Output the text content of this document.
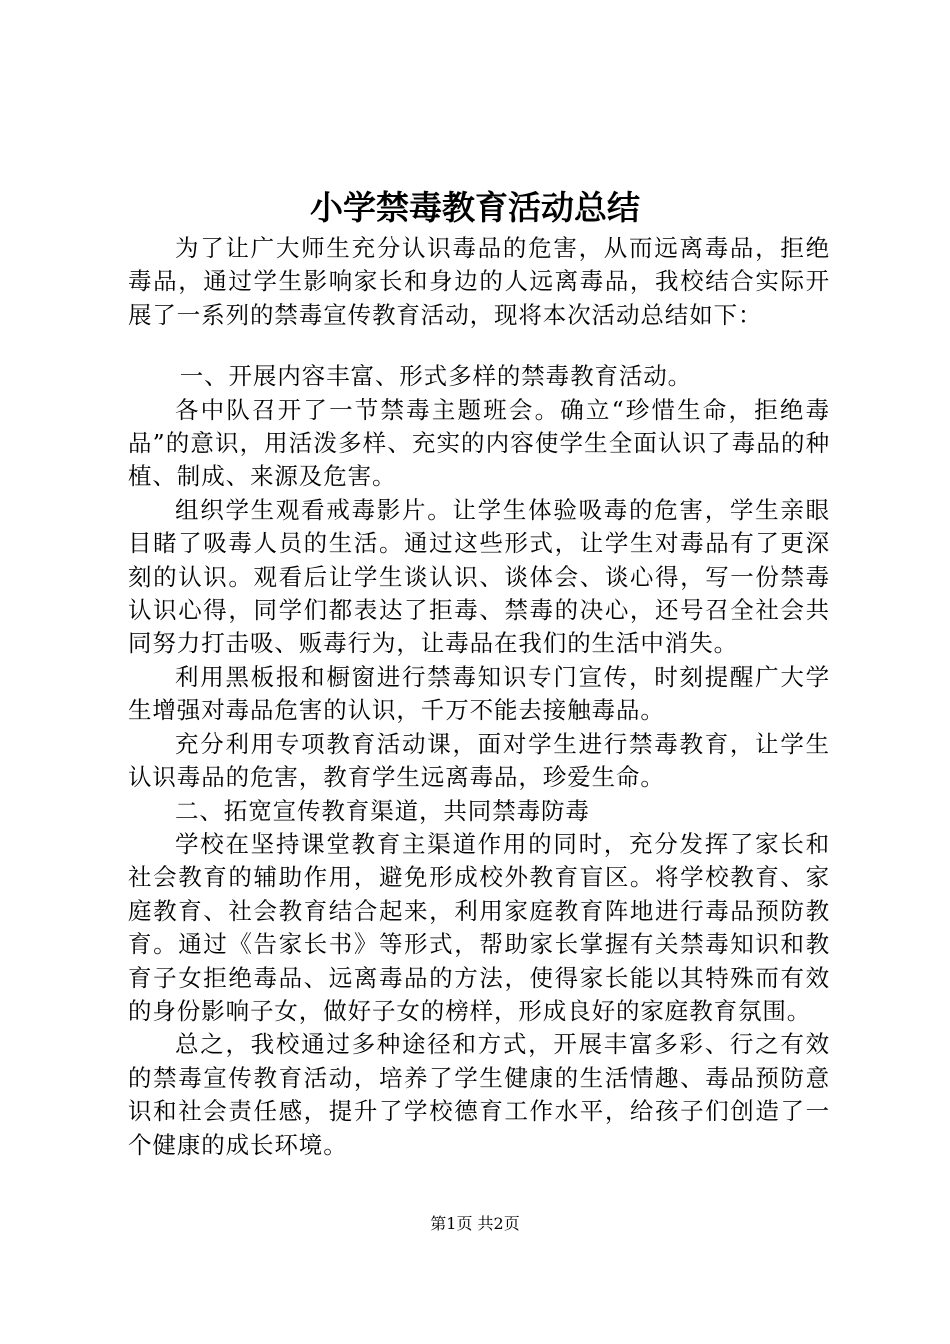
小学禁毒教育活动总结

为了让广大师生充分认识毒品的危害，从而远离毒品，拒绝毒品，通过学生影响家长和身边的人远离毒品，我校结合实际开展了一系列的禁毒宣传教育活动，现将本次活动总结如下：

一、开展内容丰富、形式多样的禁毒教育活动。

各中队召开了一节禁毒主题班会。确立“珍惜生命，拒绝毒品”的意识，用活泼多样、充实的内容使学生全面认识了毒品的种植、制成、来源及危害。

组织学生观看戒毒影片。让学生体验吸毒的危害，学生亲眼目睹了吸毒人员的生活。通过这些形式，让学生对毒品有了更深刻的认识。观看后让学生谈认识、谈体会、谈心得，写一份禁毒认识心得，同学们都表达了拒毒、禁毒的决心，还号召全社会共同努力打击吸、贩毒行为，让毒品在我们的生活中消失。

利用黑板报和橱窗进行禁毒知识专门宣传，时刻提醒广大学生增强对毒品危害的认识，千万不能去接触毒品。

充分利用专项教育活动课，面对学生进行禁毒教育，让学生认识毒品的危害，教育学生远离毒品，珍爱生命。

二、拓宽宣传教育渠道，共同禁毒防毒

学校在坚持课堂教育主渠道作用的同时，充分发挥了家长和社会教育的辅助作用，避免形成校外教育盲区。将学校教育、家庭教育、社会教育结合起来，利用家庭教育阵地进行毒品预防教育。通过《告家长书》等形式，帮助家长掌握有关禁毒知识和教育子女拒绝毒品、远离毒品的方法，使得家长能以其特殊而有效的身份影响子女，做好子女的榜样，形成良好的家庭教育氛围。

总之，我校通过多种途径和方式，开展丰富多彩、行之有效的禁毒宣传教育活动，培养了学生健康的生活情趣、毒品预防意识和社会责任感，提升了学校德育工作水平，给孩子们创造了一个健康的成长环境。

第1页 共2页
